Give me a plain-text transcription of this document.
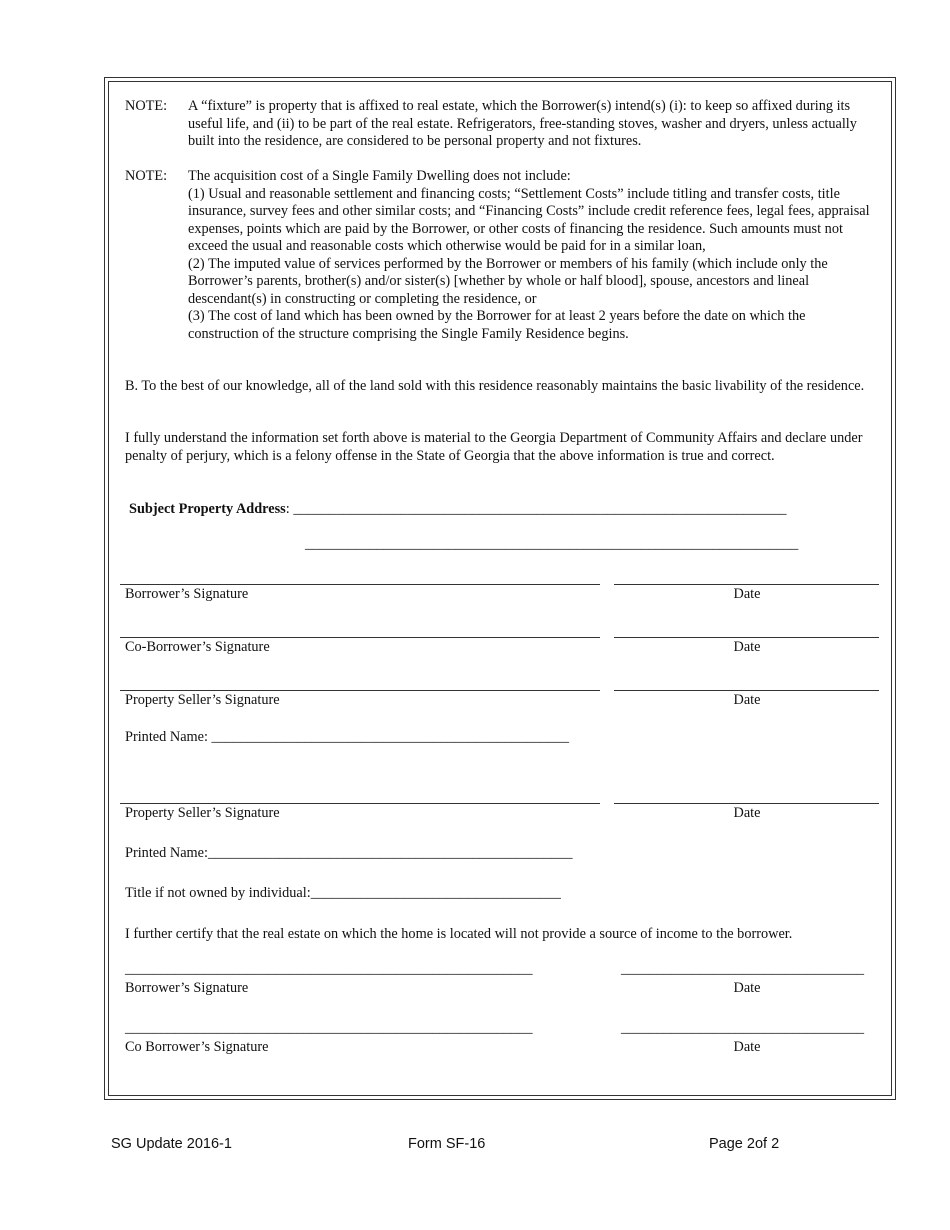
NOTE: A “fixture” is property that is affixed to real estate, which the Borrower(s) intend(s) (i): to keep so affixed during its useful life, and (ii) to be part of the real estate. Refrigerators, free-standing stoves, washer and dryers, unless actually built into the residence, are considered to be personal property and not fixtures.
NOTE: The acquisition cost of a Single Family Dwelling does not include:
(1) Usual and reasonable settlement and financing costs; “Settlement Costs” include titling and transfer costs, title insurance, survey fees and other similar costs; and “Financing Costs” include credit reference fees, legal fees, appraisal expenses, points which are paid by the Borrower, or other costs of financing the residence. Such amounts must not exceed the usual and reasonable costs which otherwise would be paid for in a similar loan,
(2) The imputed value of services performed by the Borrower or members of his family (which include only the Borrower’s parents, brother(s) and/or sister(s) [whether by whole or half blood], spouse, ancestors and lineal descendant(s) in constructing or completing the residence, or
(3) The cost of land which has been owned by the Borrower for at least 2 years before the date on which the construction of the structure comprising the Single Family Residence begins.
B. To the best of our knowledge, all of the land sold with this residence reasonably maintains the basic livability of the residence.
I fully understand the information set forth above is material to the Georgia Department of Community Affairs and declare under penalty of perjury, which is a felony offense in the State of Georgia that the above information is true and correct.
Subject Property Address: _____________________________________________________________________
_____________________________________________________________________
Borrower’s Signature	Date
Co-Borrower’s Signature	Date
Property Seller’s Signature	Date
Printed Name: __________________________________________________
Property Seller’s Signature	Date
Printed Name:___________________________________________________
Title if not owned by individual:___________________________________
I further certify that the real estate on which the home is located will not provide a source of income to the borrower.
_________________________________________________________	__________________________________
Borrower’s Signature	Date
_________________________________________________________	__________________________________
Co Borrower’s Signature	Date
SG Update 2016-1	Form SF-16	Page 2of 2
